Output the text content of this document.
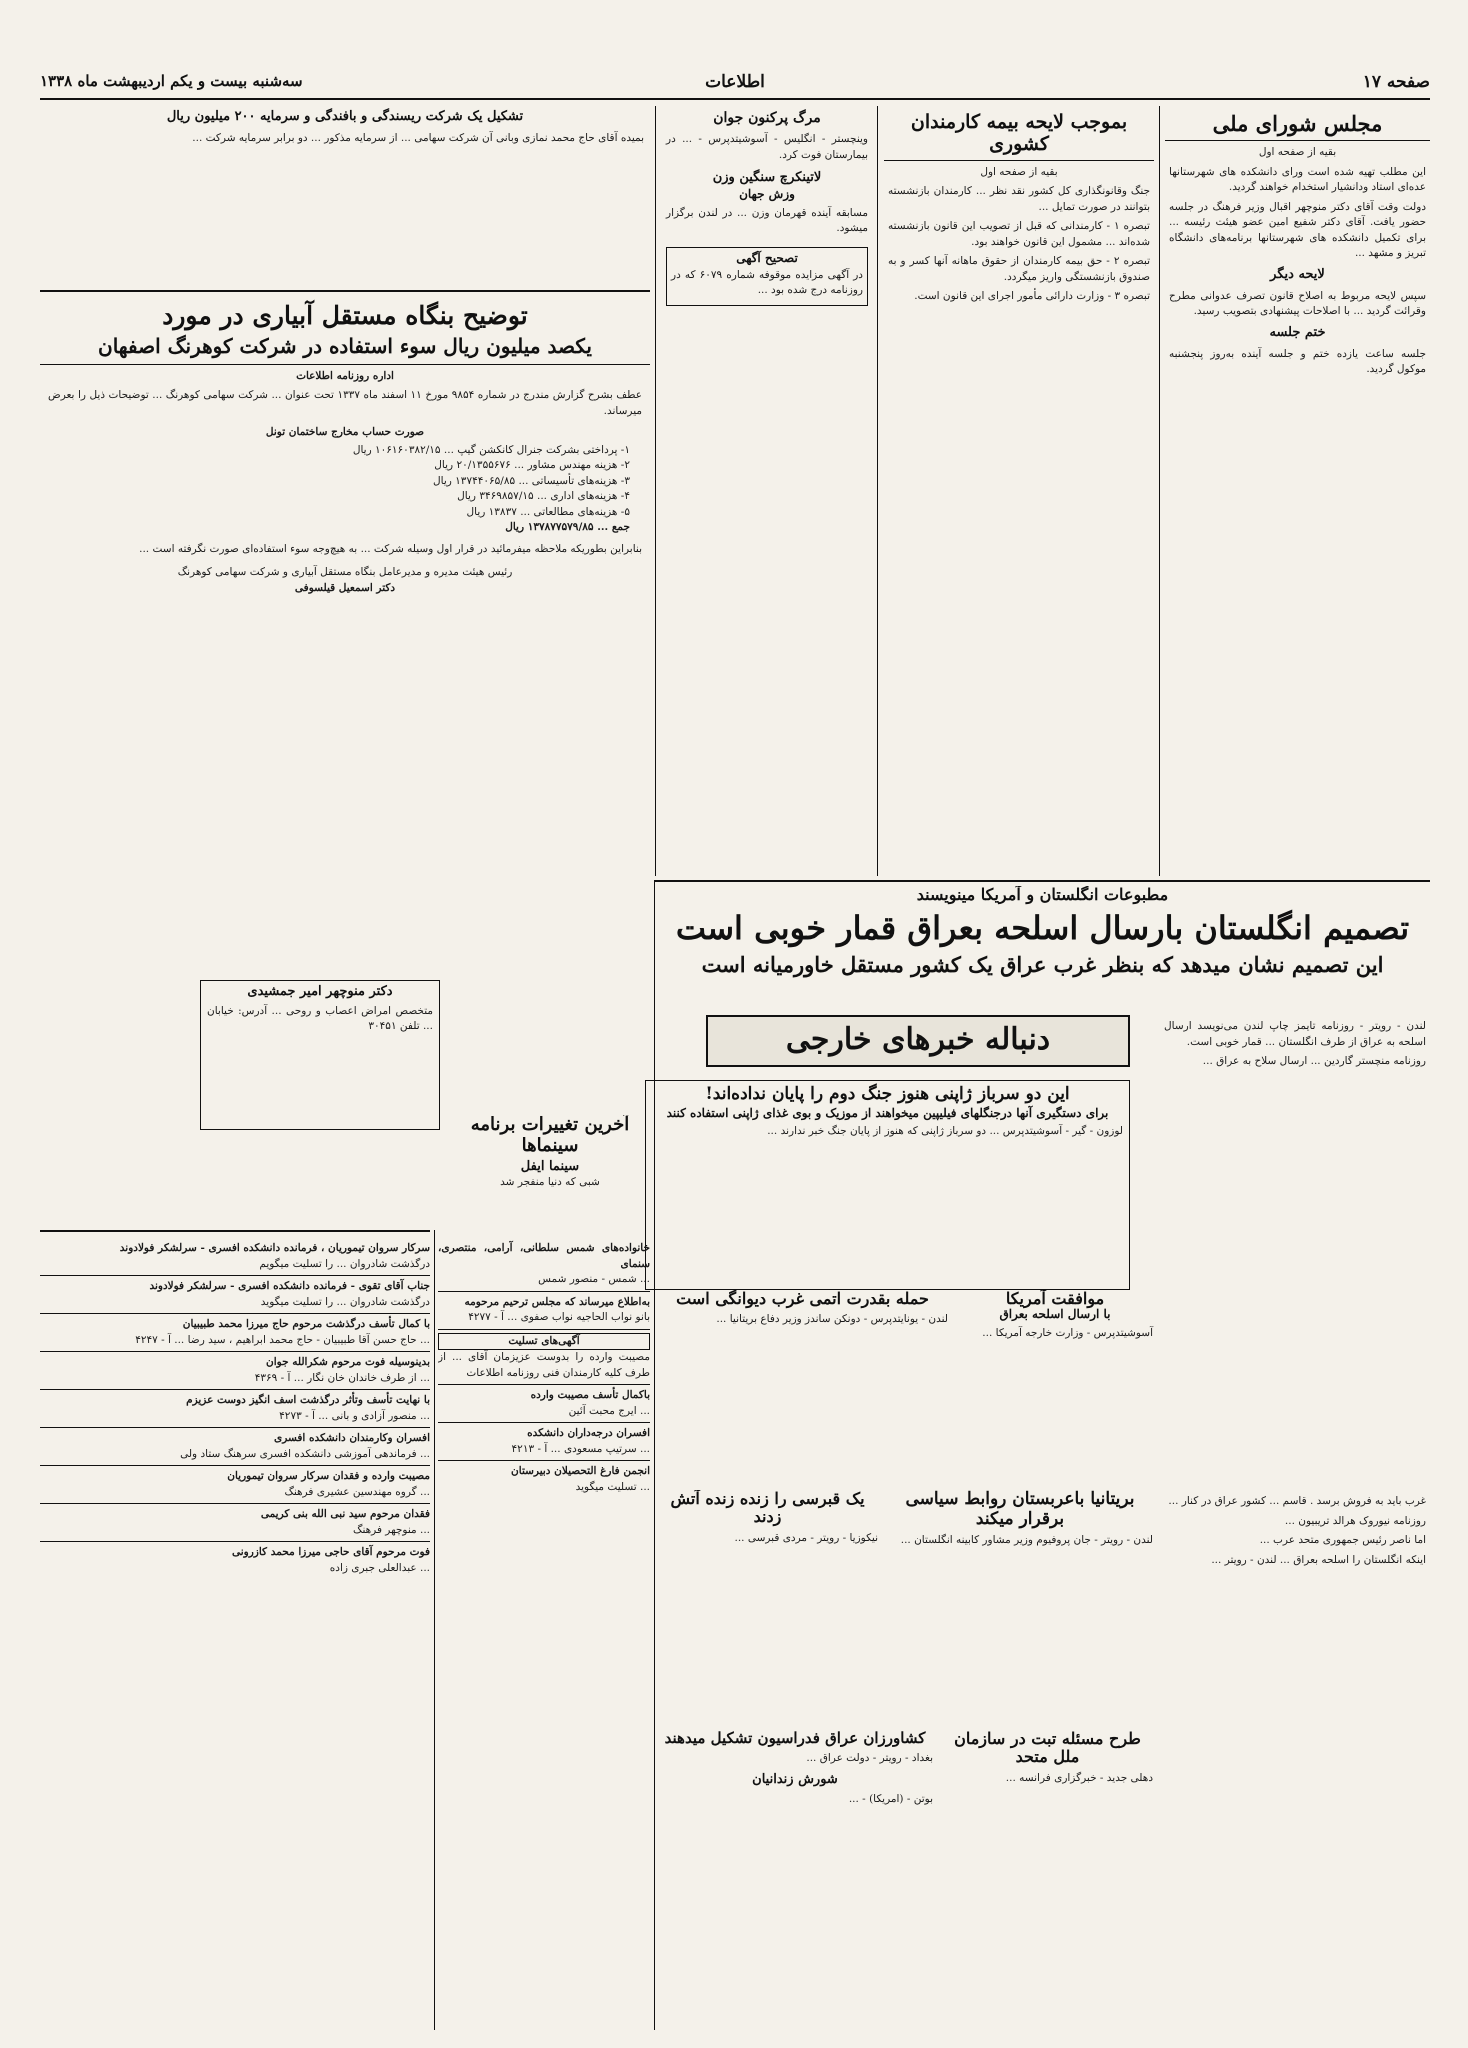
صفحه ۱۷
اطلاعات
سه‌شنبه بیست و یکم اردیبهشت ماه ۱۳۳۸
مجلس شورای ملی
بقیه از صفحه اول

این مطلب تهیه شده است ورای دانشکده های شهرستانها عده‌ای استاد ودانشیار استخدام خواهند گردید.

دولت وقت آقای دکتر منوچهر اقبال وزیر فرهنگ در جلسه حضور یافت. آقای دکتر شفیع امین عضو هیئت رئیسه ... برای تکمیل دانشکده های شهرستانها برنامه‌های دانشگاه تبریز و مشهد ...

لایحه دیگر

سپس لایحه مربوط به اصلاح قانون تصرف عدوانی مطرح وقرائت گردید ... با اصلاحات پیشنهادی بتصویب رسید.

ختم جلسه

جلسه ساعت یازده ختم و جلسه آینده به‌روز پنجشنبه موکول گردید.

بموجب لایحه بیمه کارمندان کشوری
بقیه از صفحه اول

جنگ وقانونگذاری کل کشور نقد نظر ... کارمندان بازنشسته بتوانند در صورت تمایل ...

تبصره ۱ - کارمندانی که قبل از تصویب این قانون بازنشسته شده‌اند ... مشمول این قانون خواهند بود.

تبصره ۲ - حق بیمه کارمندان از حقوق ماهانه آنها کسر و به صندوق بازنشستگی واریز میگردد.

تبصره ۳ - وزارت دارائی مأمور اجرای این قانون است.

مرگ پرکنون جوان

وینچستر - انگلیس - آسوشیتدپرس - ... در بیمارستان فوت کرد.

لاتینکرچ سنگین وزن
وزش جهان

مسابقه آینده قهرمان وزن ... در لندن برگزار میشود.

تصحیح آگهی

در آگهی مزایده موقوفه شماره ۶۰۷۹ که در روزنامه درج شده بود ...

تشکیل یک شرکت ریسندگی و بافندگی و سرمایه ۲۰۰ میلیون ریال

بمیده آقای حاج محمد نمازی وبانی آن شرکت سهامی ... از سرمایه مذکور ... دو برابر سرمایه شرکت ...

توضیح بنگاه مستقل آبیاری در مورد
یکصد میلیون ریال سوء استفاده در شرکت کوهرنگ اصفهان
اداره روزنامه اطلاعات

عطف بشرح گزارش مندرج در شماره ۹۸۵۴ مورخ ۱۱ اسفند ماه ۱۳۳۷ تحت عنوان ... شرکت سهامی کوهرنگ ... توضیحات ذیل را بعرض میرساند.

صورت حساب مخارج ساختمان تونل
۱- پرداختی بشرکت جنرال کانکشن گیپ ... ۱۰۶۱۶۰۳۸۲/۱۵ ریال
۲- هزینه مهندس مشاور ... ۲۰/۱۳۵۵۶۷۶ ریال
۳- هزینه‌های تأسیساتی ... ۱۳۷۴۴۰۶۵/۸۵ ریال
۴- هزینه‌های اداری ... ۳۴۶۹۸۵۷/۱۵ ریال
۵- هزینه‌های مطالعاتی ... ۱۳۸۳۷ ریال
جمع ... ۱۳۷۸۷۷۵۷۹/۸۵ ریال

بنابراین بطوریکه ملاحظه میفرمائید در قرار اول وسیله شرکت ... به هیچ‌وجه سوء استفاده‌ای صورت نگرفته است ...

رئیس هیئت مدیره و مدیرعامل بنگاه مستقل آبیاری و شرکت سهامی کوهرنگ
دکتر اسمعیل قیلسوفی
مطبوعات انگلستان و آمریکا مینویسند
تصمیم انگلستان بارسال اسلحه بعراق قمار خوبی است
این تصمیم نشان میدهد که بنظر غرب عراق یک کشور مستقل خاورمیانه است

لندن - رویتر - روزنامه تایمز چاپ لندن می‌نویسد ارسال اسلحه به عراق از طرف انگلستان ... قمار خوبی است.

روزنامه منچستر گاردین ... ارسال سلاح به عراق ...

دنباله خبرهای خارجی
آخرین تغییرات برنامه سینماها
سینما ایفل
شبی که دنیا منفجر شد
دکتر منوچهر امیر جمشیدی

متخصص امراض اعصاب و روحی ... آدرس: خیابان ... تلفن ۳۰۴۵۱

این دو سرباز ژاپنی هنوز جنگ دوم را پایان نداده‌اند!
برای دستگیری آنها درجنگلهای فیلیپین میخواهند از موزیک و بوی غذای ژاپنی استفاده کنند

لوزون - گیر - آسوشیتدپرس ... دو سرباز ژاپنی که هنوز از پایان جنگ خبر ندارند ...

موافقت آمریکا
با ارسال اسلحه بعراق

آسوشیتدپرس - وزارت خارجه آمریکا ...

حمله بقدرت اتمی غرب دیوانگی است

لندن - یونایتدپرس - دونکن ساندز وزیر دفاع بریتانیا ...

بریتانیا باعربستان روابط سیاسی برقرار میکند

لندن - رویتر - جان پروفیوم وزیر مشاور کابینه انگلستان ...

یک قبرسی را زنده زنده آتش زدند

نیکوزیا - رویتر - مردی قبرسی ...

طرح مسئله تبت در سازمان ملل متحد

دهلی جدید - خبرگزاری فرانسه ...

کشاورزان عراق فدراسیون تشکیل میدهند

بغداد - رویتر - دولت عراق ...

شورش زندانیان

بوتن - (امریکا) - ...

غرب باید به فروش برسد . قاسم ... کشور عراق در کنار ...

روزنامه نیوروک هرالد تریبیون ...

اما ناصر رئیس جمهوری متحد عرب ...

اینکه انگلستان را اسلحه بعراق ... لندن - رویتر ...

سرکار سروان تیموریان ، فرمانده دانشکده افسری - سرلشکر فولادوند
درگذشت شادروان ... را تسلیت میگویم
جناب آقای تقوی - فرمانده دانشکده افسری - سرلشکر فولادوند
درگذشت شادروان ... را تسلیت میگوید
با کمال تأسف درگذشت مرحوم حاج میرزا محمد طبیبیان
... حاج حسن آقا طبیبیان - حاج محمد ابراهیم ، سید رضا ... آ - ۴۲۴۷
بدینوسیله فوت مرحوم شکرالله جوان
... از طرف خاندان خان نگار ... آ - ۴۳۶۹
با نهایت تأسف وتأثر درگذشت اسف انگیز دوست عزیزم
... منصور آزادی و بانی ... آ - ۴۲۷۳
افسران وکارمندان دانشکده افسری
... فرماندهی آموزشی دانشکده افسری سرهنگ ستاد ولی
مصیبت وارده و فقدان سرکار سروان تیموریان
... گروه مهندسین عشیری فرهنگ
فقدان مرحوم سید نبی الله بنی کریمی
... منوچهر فرهنگ
فوت مرحوم آقای حاجی میرزا محمد کازرونی
... عبدالعلی جبری زاده
خانواده‌های شمس سلطانی، آرامی، منتصری، سنمای
... شمس - منصور شمس
به‌اطلاع میرساند که مجلس ترحیم مرحومه
بانو نواب الحاجیه نواب صفوی ... آ - ۴۲۷۷
آگهی‌های تسلیت
مصیبت وارده را بدوست عزیزمان آقای ... از طرف کلیه کارمندان فنی روزنامه اطلاعات
باکمال تأسف مصیبت وارده
... ایرج محبت آئین
افسران درجه‌داران دانشکده
... سرتیپ مسعودی ... آ - ۴۲۱۳
انجمن فارغ التحصیلان دبیرستان
... تسلیت میگوید
